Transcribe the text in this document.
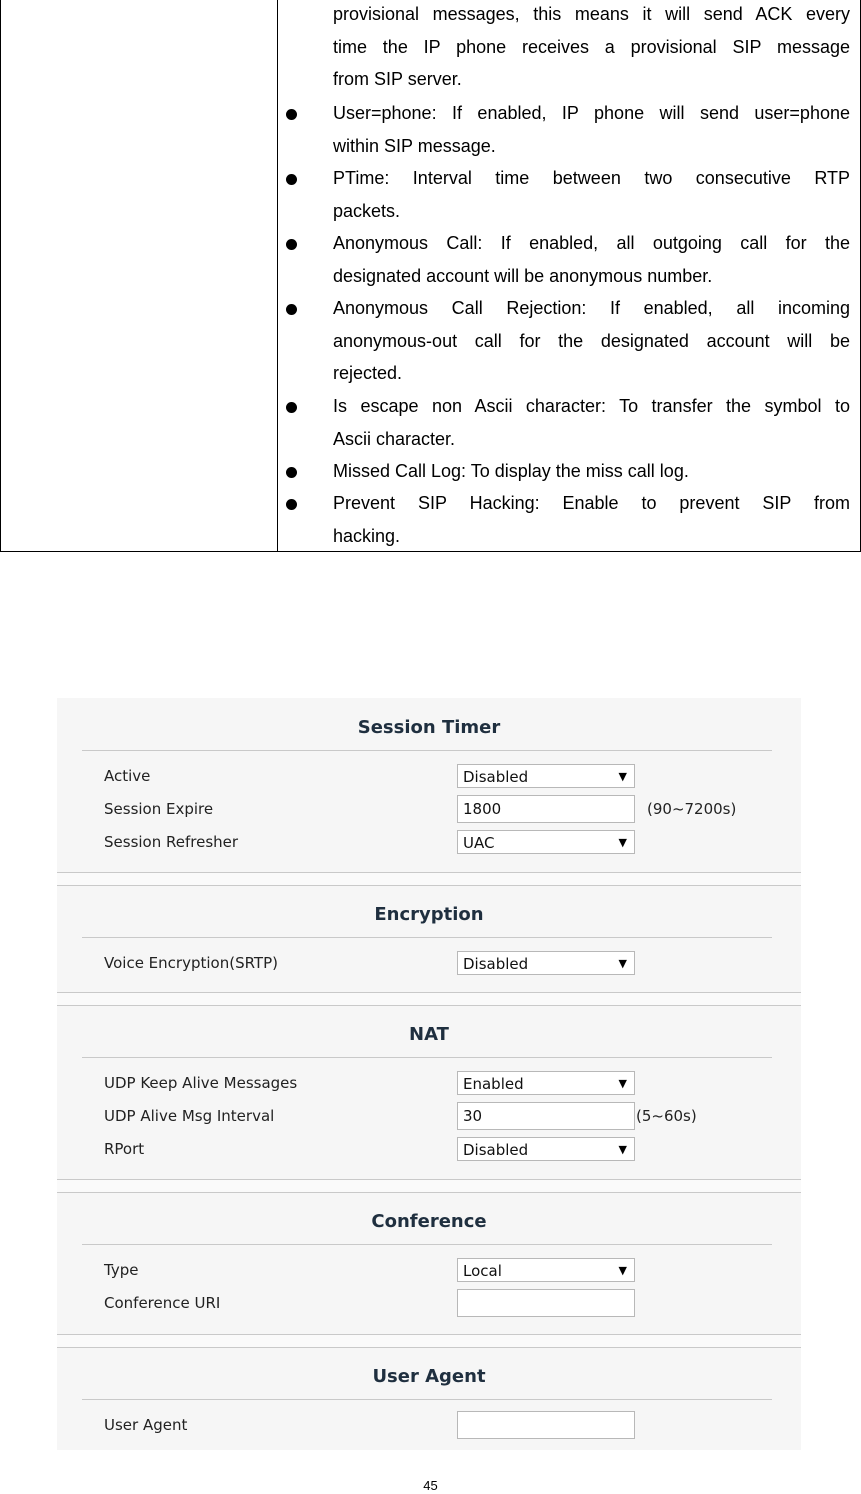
provisional messages, this means it will send ACK every
time the IP phone receives a provisional SIP message
from SIP server.
User=phone: If enabled, IP phone will send user=phone
within SIP message.
PTime: Interval time between two consecutive RTP
packets.
Anonymous Call: If enabled, all outgoing call for the
designated account will be anonymous number.
Anonymous Call Rejection: If enabled, all incoming
anonymous-out call for the designated account will be
rejected.
Is escape non Ascii character: To transfer the symbol to
Ascii character.
Missed Call Log: To display the miss call log.
Prevent SIP Hacking: Enable to prevent SIP from
hacking.
Session Timer
Active	Disabled	▼
Session Expire	1800	(90~7200s)
Session Refresher	UAC	▼
Encryption
Voice Encryption(SRTP)	Disabled	▼
NAT
UDP Keep Alive Messages	Enabled	▼
UDP Alive Msg Interval	30	(5~60s)
RPort	Disabled	▼
Conference
Type	Local	▼
Conference URI
User Agent
User Agent
45
